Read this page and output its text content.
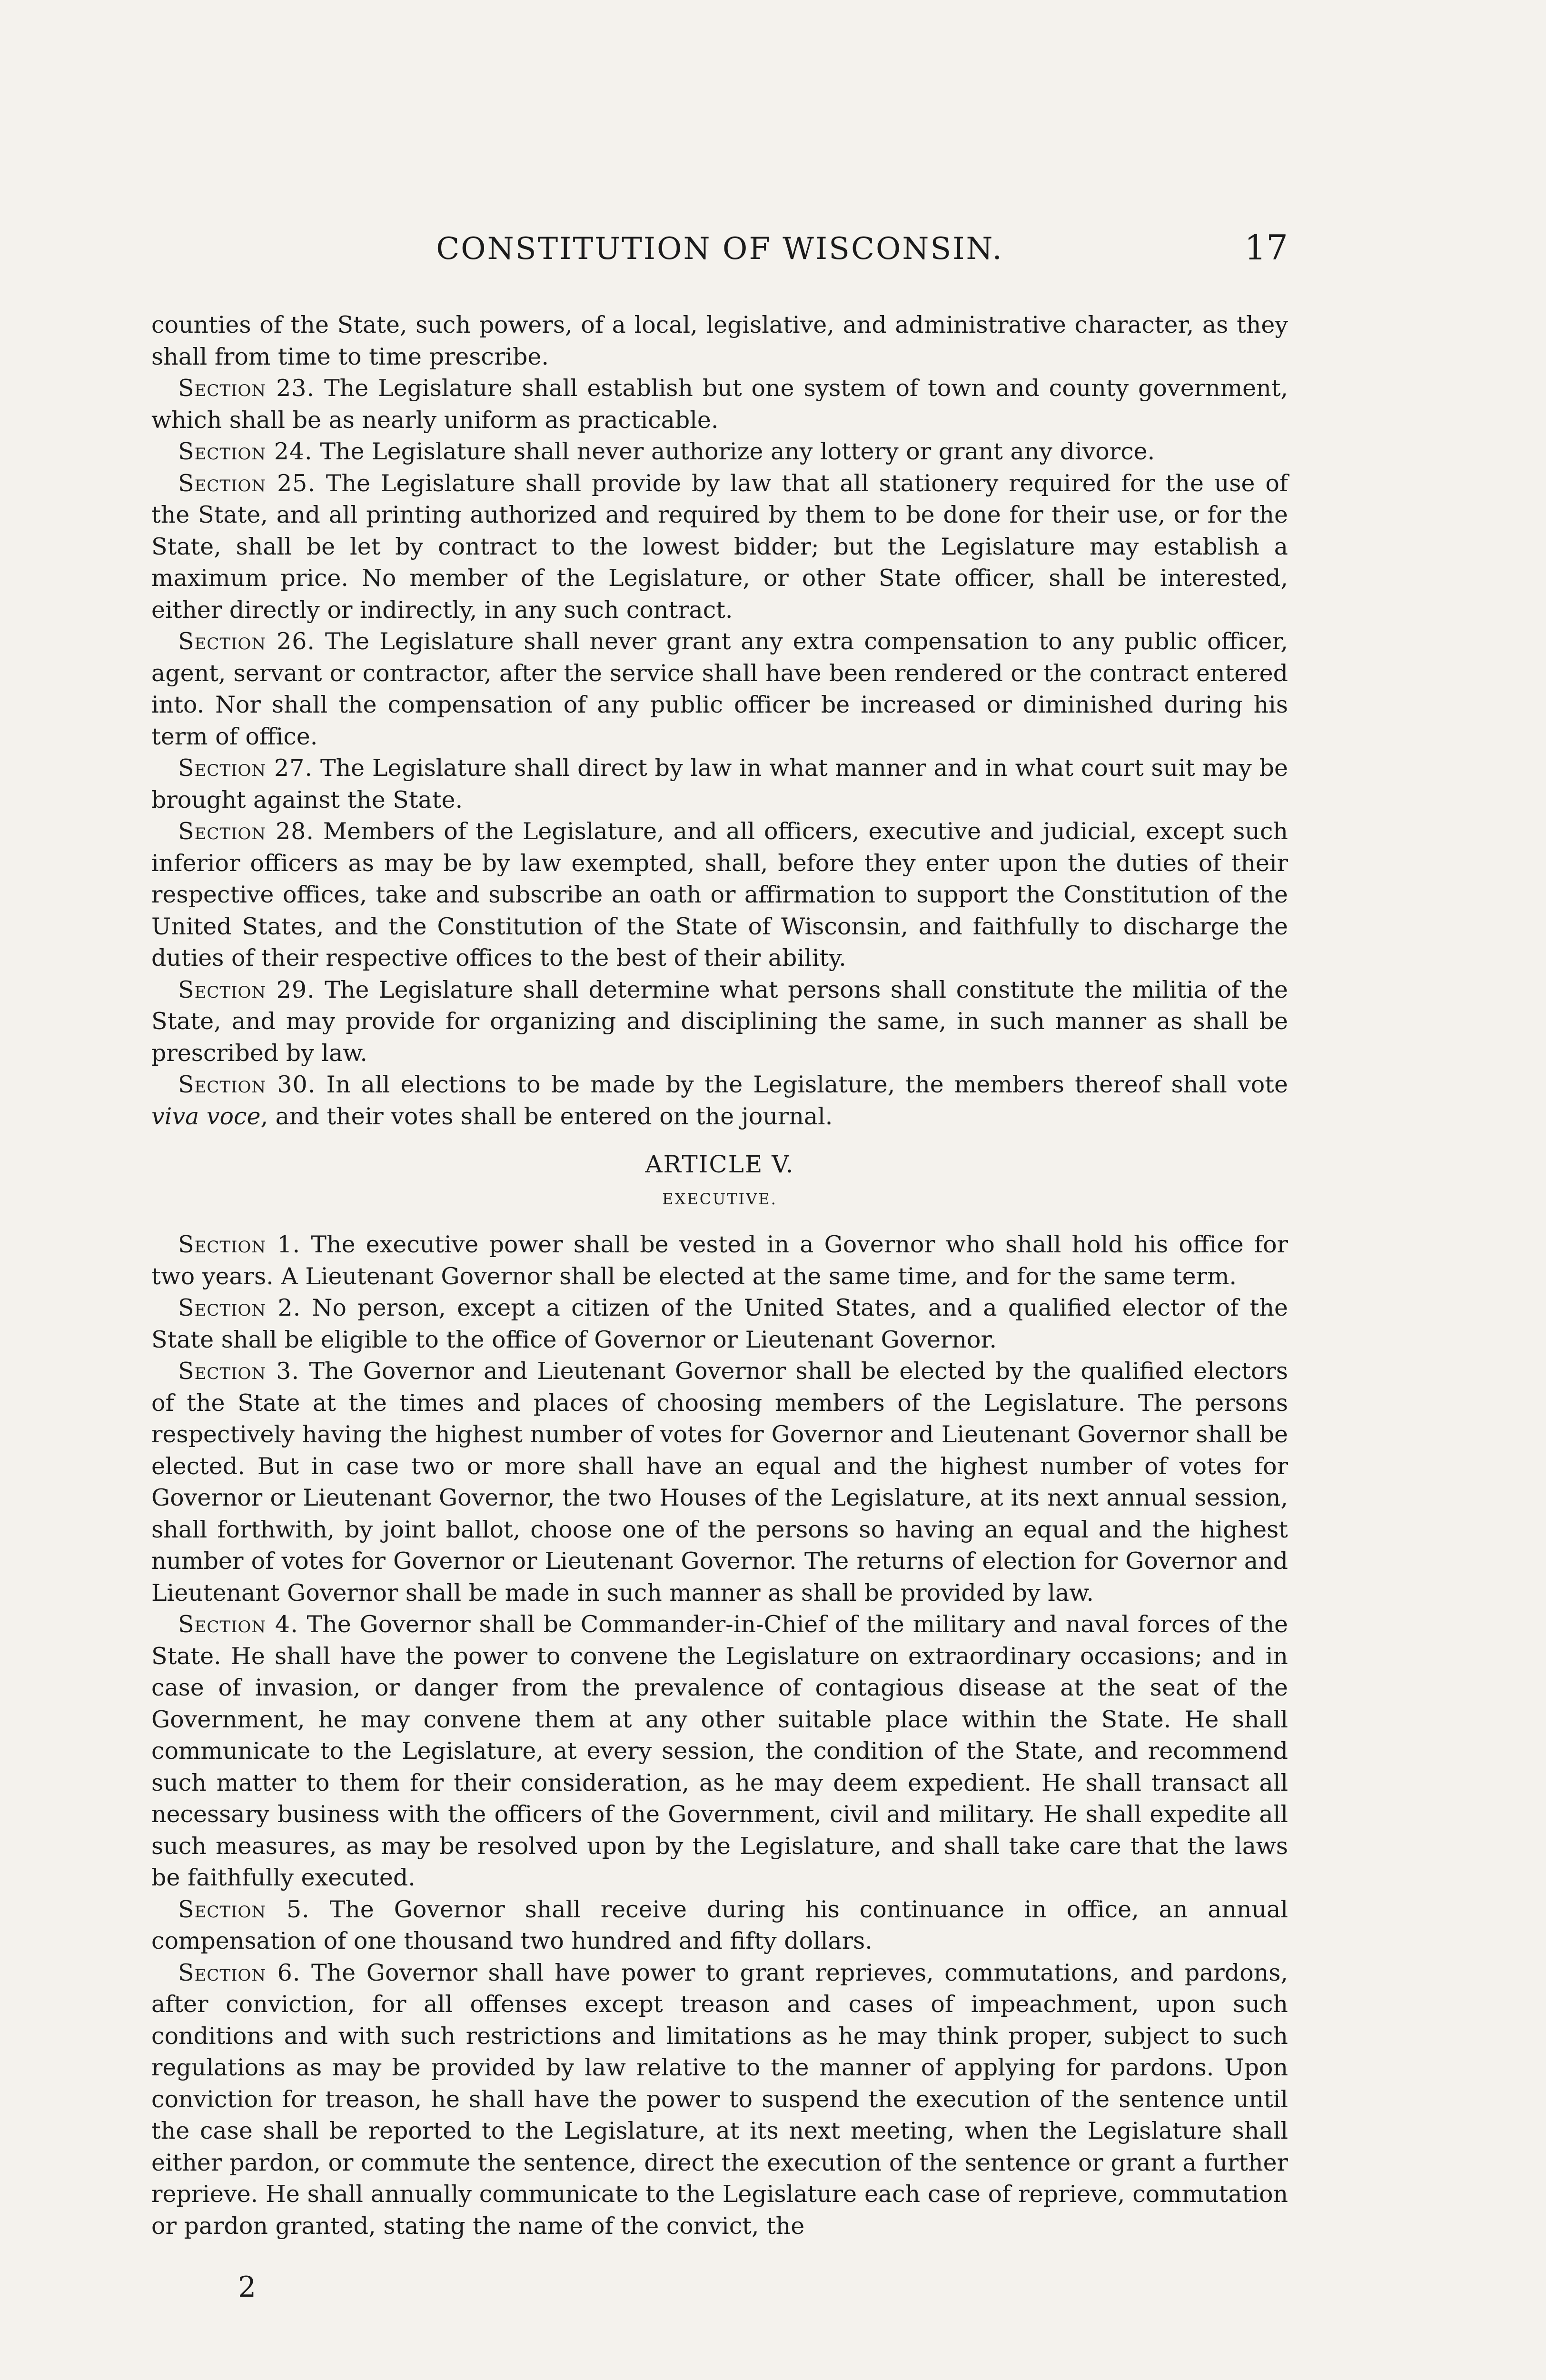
CONSTITUTION OF WISCONSIN.	17

counties of the State, such powers, of a local, legislative, and administrative character, as they shall from time to time prescribe.

Section 23. The Legislature shall establish but one system of town and county government, which shall be as nearly uniform as practicable.

Section 24. The Legislature shall never authorize any lottery or grant any divorce.

Section 25. The Legislature shall provide by law that all stationery required for the use of the State, and all printing authorized and required by them to be done for their use, or for the State, shall be let by contract to the lowest bidder; but the Legislature may establish a maximum price. No member of the Legislature, or other State officer, shall be interested, either directly or indirectly, in any such contract.

Section 26. The Legislature shall never grant any extra compensation to any public officer, agent, servant or contractor, after the service shall have been rendered or the contract entered into. Nor shall the compensation of any public officer be increased or diminished during his term of office.

Section 27. The Legislature shall direct by law in what manner and in what court suit may be brought against the State.

Section 28. Members of the Legislature, and all officers, executive and judicial, except such inferior officers as may be by law exempted, shall, before they enter upon the duties of their respective offices, take and subscribe an oath or affirmation to support the Constitution of the United States, and the Constitution of the State of Wisconsin, and faithfully to discharge the duties of their respective offices to the best of their ability.

Section 29. The Legislature shall determine what persons shall constitute the militia of the State, and may provide for organizing and disciplining the same, in such manner as shall be prescribed by law.

Section 30. In all elections to be made by the Legislature, the members thereof shall vote viva voce, and their votes shall be entered on the journal.

ARTICLE V.
EXECUTIVE.

Section 1. The executive power shall be vested in a Governor who shall hold his office for two years. A Lieutenant Governor shall be elected at the same time, and for the same term.

Section 2. No person, except a citizen of the United States, and a qualified elector of the State shall be eligible to the office of Governor or Lieutenant Governor.

Section 3. The Governor and Lieutenant Governor shall be elected by the qualified electors of the State at the times and places of choosing members of the Legislature. The persons respectively having the highest number of votes for Governor and Lieutenant Governor shall be elected. But in case two or more shall have an equal and the highest number of votes for Governor or Lieutenant Governor, the two Houses of the Legislature, at its next annual session, shall forthwith, by joint ballot, choose one of the persons so having an equal and the highest number of votes for Governor or Lieutenant Governor. The returns of election for Governor and Lieutenant Governor shall be made in such manner as shall be provided by law.

Section 4. The Governor shall be Commander-in-Chief of the military and naval forces of the State. He shall have the power to convene the Legislature on extraordinary occasions; and in case of invasion, or danger from the prevalence of contagious disease at the seat of the Government, he may convene them at any other suitable place within the State. He shall communicate to the Legislature, at every session, the condition of the State, and recommend such matter to them for their consideration, as he may deem expedient. He shall transact all necessary business with the officers of the Government, civil and military. He shall expedite all such measures, as may be resolved upon by the Legislature, and shall take care that the laws be faithfully executed.

Section 5. The Governor shall receive during his continuance in office, an annual compensation of one thousand two hundred and fifty dollars.

Section 6. The Governor shall have power to grant reprieves, commutations, and pardons, after conviction, for all offenses except treason and cases of impeachment, upon such conditions and with such restrictions and limitations as he may think proper, subject to such regulations as may be provided by law relative to the manner of applying for pardons. Upon conviction for treason, he shall have the power to suspend the execution of the sentence until the case shall be reported to the Legislature, at its next meeting, when the Legislature shall either pardon, or commute the sentence, direct the execution of the sentence or grant a further reprieve. He shall annually communicate to the Legislature each case of reprieve, commutation or pardon granted, stating the name of the convict, the

2
